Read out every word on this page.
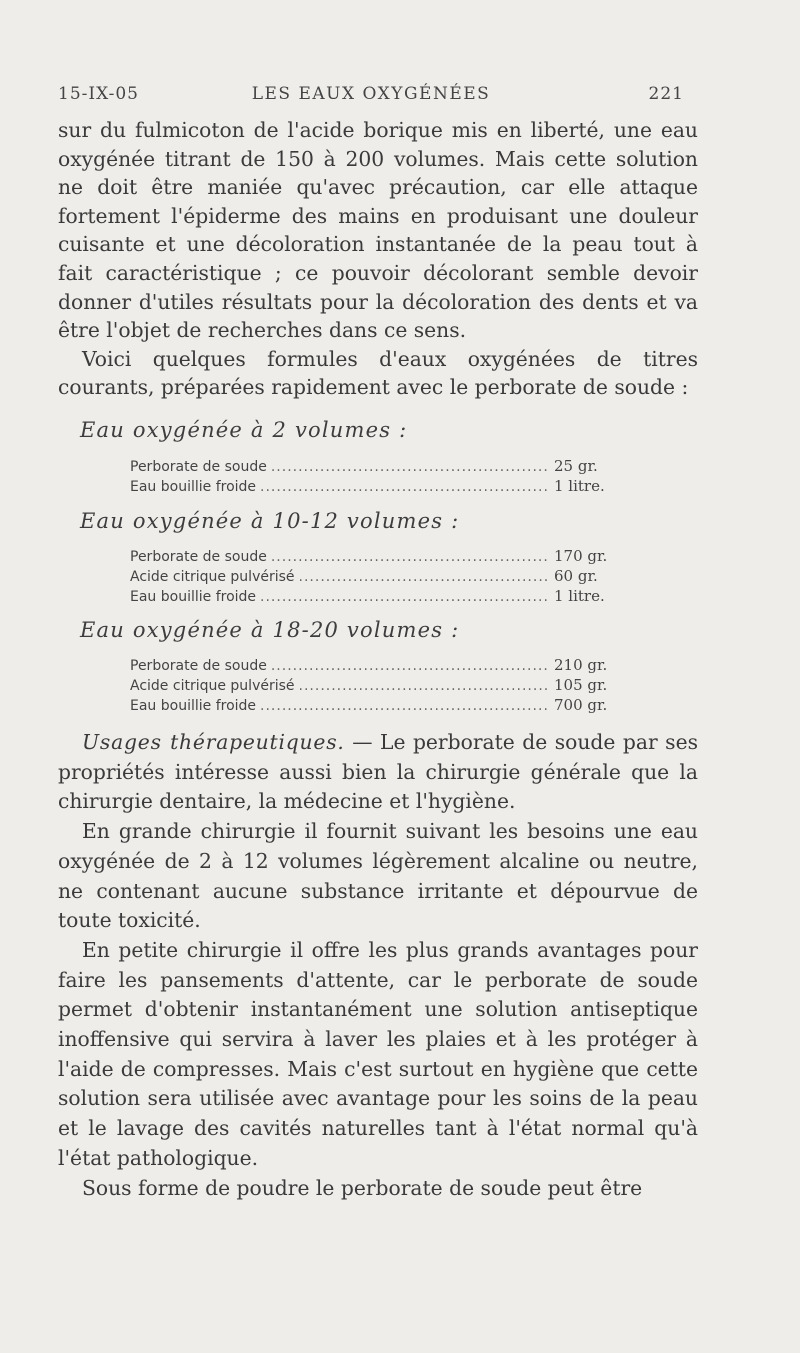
15-IX-05	LES EAUX OXYGÉNÉES	221

sur du fulmicoton de l'acide borique mis en liberté, une eau oxygénée titrant de 150 à 200 volumes. Mais cette solution ne doit être maniée qu'avec précaution, car elle attaque fortement l'épiderme des mains en produisant une douleur cuisante et une décoloration instantanée de la peau tout à fait caractéristique ; ce pouvoir décolorant semble devoir donner d'utiles résultats pour la décoloration des dents et va être l'objet de recherches dans ce sens.

Voici quelques formules d'eaux oxygénées de titres courants, préparées rapidement avec le perborate de soude :

Eau oxygénée à 2 volumes :
Perborate de soude .....	25 gr.
Eau bouillie froide .....	1 litre.
Eau oxygénée à 10-12 volumes :
Perborate de soude .....	170 gr.
Acide citrique pulvérisé .....	60 gr.
Eau bouillie froide .....	1 litre.
Eau oxygénée à 18-20 volumes :
Perborate de soude .....	210 gr.
Acide citrique pulvérisé .....	105 gr.
Eau bouillie froide .....	700 gr.

Usages thérapeutiques. — Le perborate de soude par ses propriétés intéresse aussi bien la chirurgie générale que la chirurgie dentaire, la médecine et l'hygiène.

En grande chirurgie il fournit suivant les besoins une eau oxygénée de 2 à 12 volumes légèrement alcaline ou neutre, ne contenant aucune substance irritante et dépourvue de toute toxicité.

En petite chirurgie il offre les plus grands avantages pour faire les pansements d'attente, car le perborate de soude permet d'obtenir instantanément une solution antiseptique inoffensive qui servira à laver les plaies et à les protéger à l'aide de compresses. Mais c'est surtout en hygiène que cette solution sera utilisée avec avantage pour les soins de la peau et le lavage des cavités naturelles tant à l'état normal qu'à l'état pathologique.

Sous forme de poudre le perborate de soude peut être
